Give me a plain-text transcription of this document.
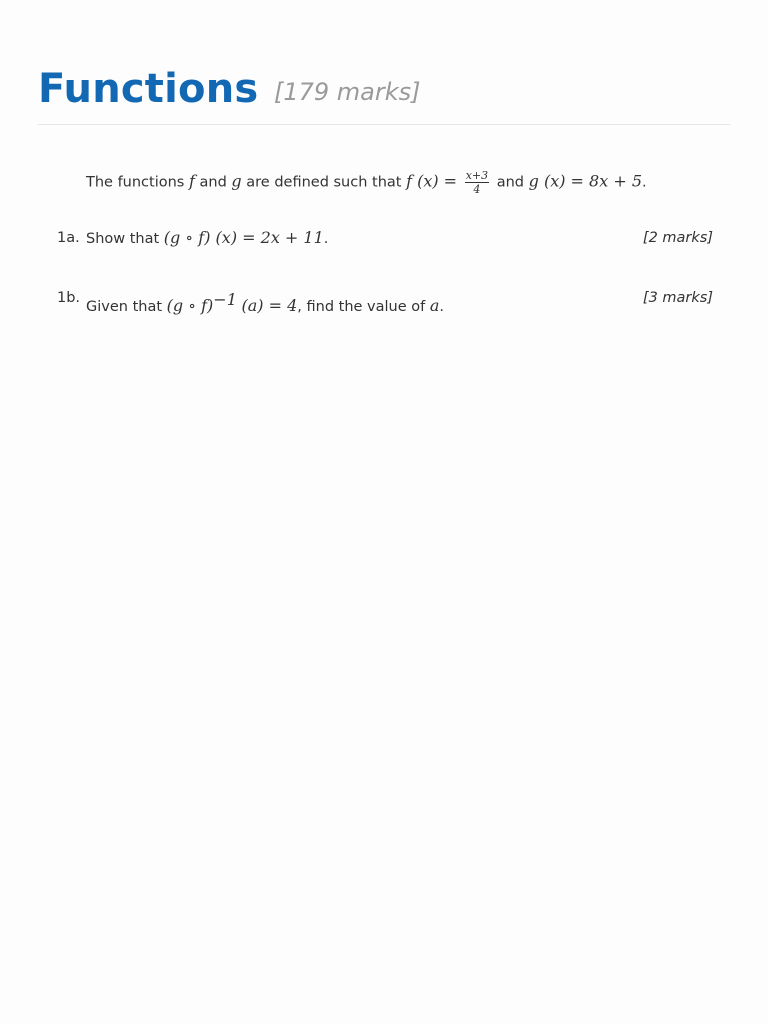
Functions [179 marks]
The functions f and g are defined such that f $(x) = \frac{x+3}{4}$ and g (x) = 8x + 5.
1a. Show that (g ∘ f) (x) = 2x + 11.	[2 marks]
1b.
Given that (g ∘ f)$^{-1}$ (a) = 4, find the value of a.
[3 marks]
